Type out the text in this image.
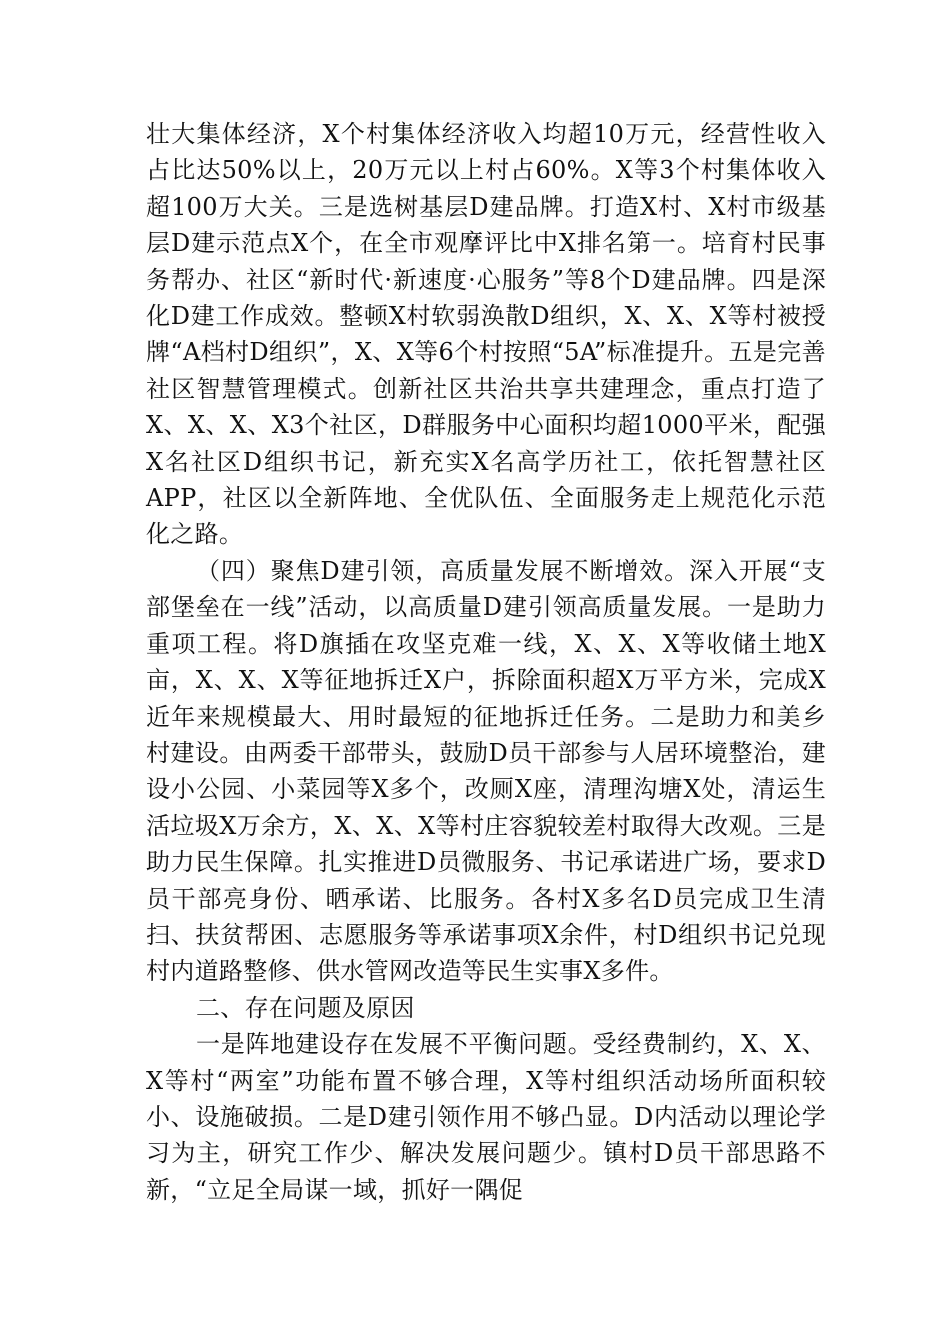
壮大集体经济，X个村集体经济收入均超10万元，经营性收入占比达50%以上，20万元以上村占60%。X等3个村集体收入超100万大关。三是选树基层D建品牌。打造X村、X村市级基层D建示范点X个，在全市观摩评比中X排名第一。培育村民事务帮办、社区“新时代·新速度·心服务”等8个D建品牌。四是深化D建工作成效。整顿X村软弱涣散D组织，X、X、X等村被授牌“A档村D组织”，X、X等6个村按照“5A”标准提升。五是完善社区智慧管理模式。创新社区共治共享共建理念，重点打造了X、X、X、X3个社区，D群服务中心面积均超1000平米，配强X名社区D组织书记，新充实X名高学历社工，依托智慧社区APP，社区以全新阵地、全优队伍、全面服务走上规范化示范化之路。

（四）聚焦D建引领，高质量发展不断增效。深入开展“支部堡垒在一线”活动，以高质量D建引领高质量发展。一是助力重项工程。将D旗插在攻坚克难一线，X、X、X等收储土地X亩，X、X、X等征地拆迁X户，拆除面积超X万平方米，完成X近年来规模最大、用时最短的征地拆迁任务。二是助力和美乡村建设。由两委干部带头，鼓励D员干部参与人居环境整治，建设小公园、小菜园等X多个，改厕X座，清理沟塘X处，清运生活垃圾X万余方，X、X、X等村庄容貌较差村取得大改观。三是助力民生保障。扎实推进D员微服务、书记承诺进广场，要求D员干部亮身份、晒承诺、比服务。各村X多名D员完成卫生清扫、扶贫帮困、志愿服务等承诺事项X余件，村D组织书记兑现村内道路整修、供水管网改造等民生实事X多件。

二、存在问题及原因

一是阵地建设存在发展不平衡问题。受经费制约，X、X、X等村“两室”功能布置不够合理，X等村组织活动场所面积较小、设施破损。二是D建引领作用不够凸显。D内活动以理论学习为主，研究工作少、解决发展问题少。镇村D员干部思路不新，“立足全局谋一域，抓好一隅促
